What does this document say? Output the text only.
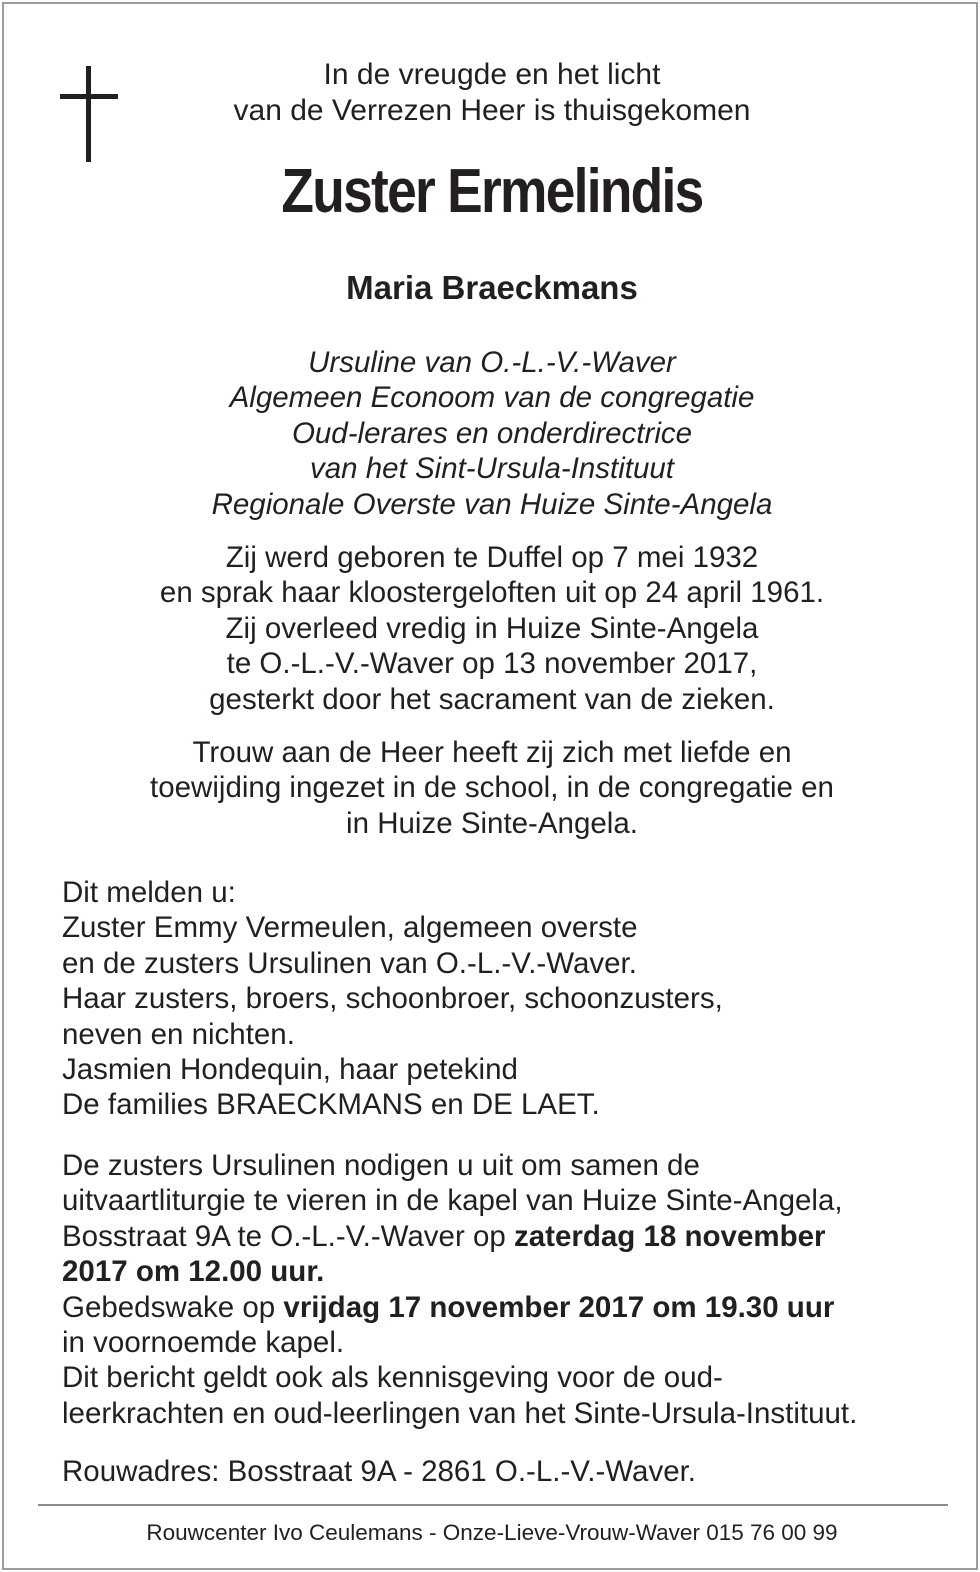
In de vreugde en het licht
van de Verrezen Heer is thuisgekomen
Zuster Ermelindis
Maria Braeckmans
Ursuline van O.-L.-V.-Waver
Algemeen Econoom van de congregatie
Oud-lerares en onderdirectrice
van het Sint-Ursula-Instituut
Regionale Overste van Huize Sinte-Angela
Zij werd geboren te Duffel op 7 mei 1932
en sprak haar kloostergeloften uit op 24 april 1961.
Zij overleed vredig in Huize Sinte-Angela
te O.-L.-V.-Waver op 13 november 2017,
gesterkt door het sacrament van de zieken.
Trouw aan de Heer heeft zij zich met liefde en
toewijding ingezet in de school, in de congregatie en
in Huize Sinte-Angela.
Dit melden u:
Zuster Emmy Vermeulen, algemeen overste
en de zusters Ursulinen van O.-L.-V.-Waver.
Haar zusters, broers, schoonbroer, schoonzusters,
neven en nichten.
Jasmien Hondequin, haar petekind
De families BRAECKMANS en DE LAET.
De zusters Ursulinen nodigen u uit om samen de
uitvaartliturgie te vieren in de kapel van Huize Sinte-Angela,
Bosstraat 9A te O.-L.-V.-Waver op zaterdag 18 november
2017 om 12.00 uur.
Gebedswake op vrijdag 17 november 2017 om 19.30 uur
in voornoemde kapel.
Dit bericht geldt ook als kennisgeving voor de oud-
leerkrachten en oud-leerlingen van het Sinte-Ursula-Instituut.
Rouwadres: Bosstraat 9A - 2861 O.-L.-V.-Waver.
Rouwcenter Ivo Ceulemans - Onze-Lieve-Vrouw-Waver 015 76 00 99
